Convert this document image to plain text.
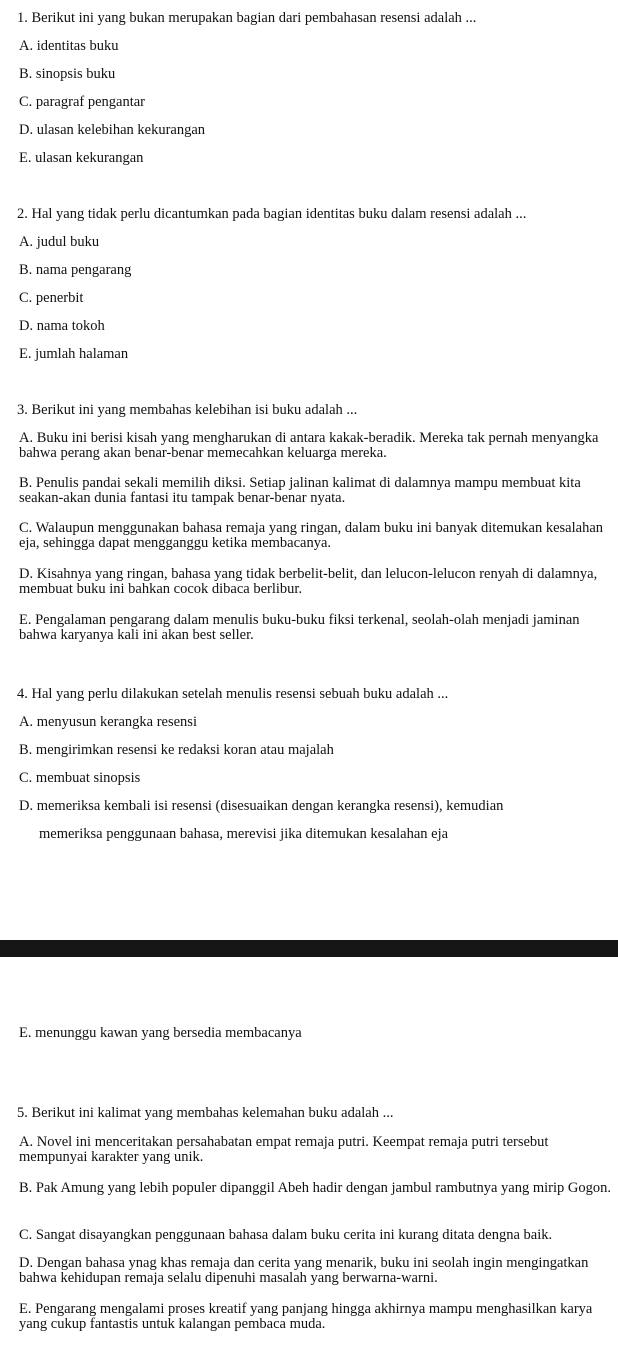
1. Berikut ini yang bukan merupakan bagian dari pembahasan resensi adalah ...
A. identitas buku
B. sinopsis buku
C. paragraf pengantar
D. ulasan kelebihan kekurangan
E. ulasan kekurangan
2. Hal yang tidak perlu dicantumkan pada bagian identitas buku dalam resensi adalah ...
A. judul buku
B. nama pengarang
C. penerbit
D. nama tokoh
E. jumlah halaman
3. Berikut ini yang membahas kelebihan isi buku adalah ...
A. Buku ini berisi kisah yang mengharukan di antara kakak-beradik. Mereka tak pernah menyangka bahwa perang akan benar-benar memecahkan keluarga mereka.
B. Penulis pandai sekali memilih diksi. Setiap jalinan kalimat di dalamnya mampu membuat kita seakan-akan dunia fantasi itu tampak benar-benar nyata.
C. Walaupun menggunakan bahasa remaja yang ringan, dalam buku ini banyak ditemukan kesalahan eja, sehingga dapat mengganggu ketika membacanya.
D. Kisahnya yang ringan, bahasa yang tidak berbelit-belit, dan lelucon-lelucon renyah di dalamnya, membuat buku ini bahkan cocok dibaca berlibur.
E. Pengalaman pengarang dalam menulis buku-buku fiksi terkenal, seolah-olah menjadi jaminan bahwa karyanya kali ini akan best seller.
4. Hal yang perlu dilakukan setelah menulis resensi sebuah buku adalah ...
A. menyusun kerangka resensi
B. mengirimkan resensi ke redaksi koran atau majalah
C. membuat sinopsis
D. memeriksa kembali isi resensi (disesuaikan dengan kerangka resensi), kemudian
memeriksa penggunaan bahasa, merevisi jika ditemukan kesalahan eja
E. menunggu kawan yang bersedia membacanya
5. Berikut ini kalimat yang membahas kelemahan buku adalah ...
A. Novel ini menceritakan persahabatan empat remaja putri. Keempat remaja putri tersebut mempunyai karakter yang unik.
B. Pak Amung yang lebih populer dipanggil Abeh hadir dengan jambul rambutnya yang mirip Gogon.
C. Sangat disayangkan penggunaan bahasa dalam buku cerita ini kurang ditata dengna baik.
D. Dengan bahasa ynag khas remaja dan cerita yang menarik, buku ini seolah ingin mengingatkan bahwa kehidupan remaja selalu dipenuhi masalah yang berwarna-warni.
E. Pengarang mengalami proses kreatif yang panjang hingga akhirnya mampu menghasilkan karya yang cukup fantastis untuk kalangan pembaca muda.
